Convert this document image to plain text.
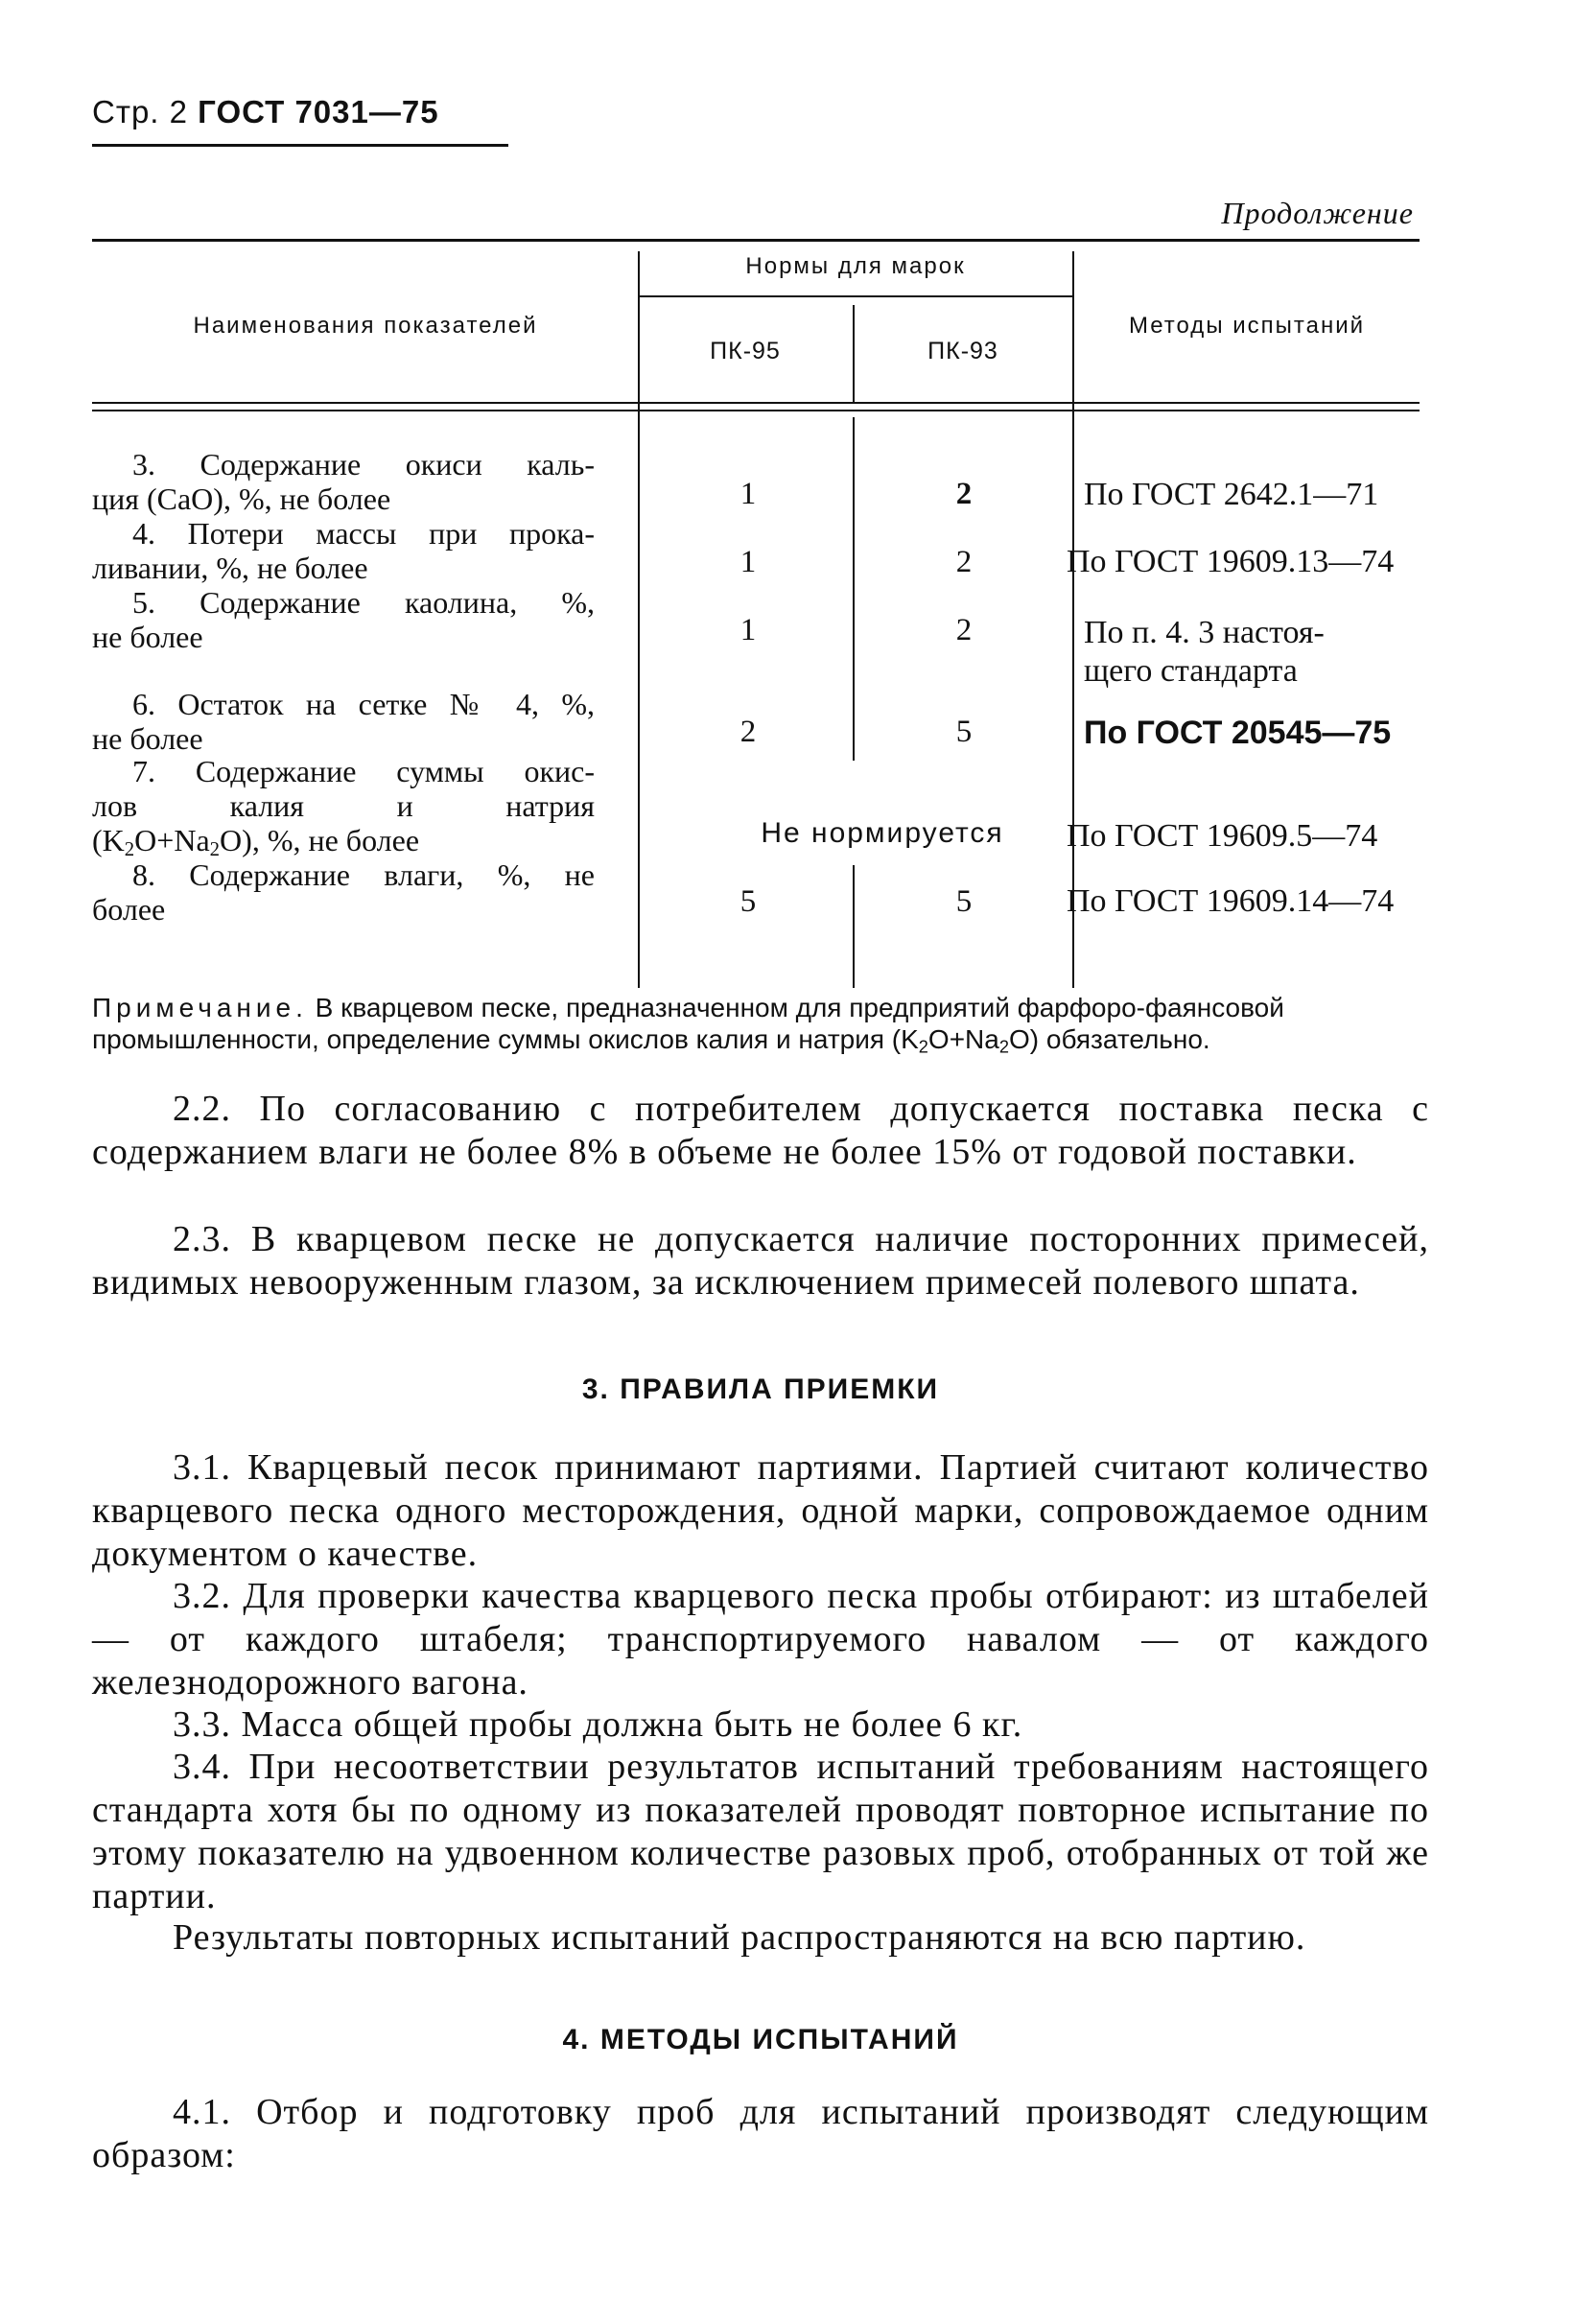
Стр. 2 ГОСТ 7031—75
Продолжение
Наименования показателей
Нормы для марок
ПК-95	ПК-93
Методы испытаний
3. Содержание окиси каль-
ция (CaO), %, не более	1	2	По ГОСТ 2642.1—71
4. Потери массы при прока-
ливании, %, не более	1	2	По ГОСТ 19609.13—74
5. Содержание каолина, %,
не более	1	2	По п. 4. 3 настоя-
щего стандарта
6. Остаток на сетке № 4, %,
не более	2	5	По ГОСТ 20545—75
7. Содержание суммы окис-
лов калия и натрия
$(K_2O+Na_2O)$, %, не более	Не нормируется	По ГОСТ 19609.5—74
8. Содержание влаги, %, не
более	5	5	По ГОСТ 19609.14—74
Примечание. В кварцевом песке, предназначенном для предприятий фарфоро-фаянсовой промышленности, определение суммы окислов калия и натрия $(K_2O+Na_2O)$ обязательно.
2.2. По согласованию с потребителем допускается поставка песка с содержанием влаги не более 8% в объеме не более 15% от годовой поставки.
2.3. В кварцевом песке не допускается наличие посторонних примесей, видимых невооруженным глазом, за исключением примесей полевого шпата.
3. ПРАВИЛА ПРИЕМКИ
3.1. Кварцевый песок принимают партиями. Партией считают количество кварцевого песка одного месторождения, одной марки, сопровождаемое одним документом о качестве.
3.2. Для проверки качества кварцевого песка пробы отбирают: из штабелей — от каждого штабеля; транспортируемого навалом — от каждого железнодорожного вагона.
3.3. Масса общей пробы должна быть не более 6 кг.
3.4. При несоответствии результатов испытаний требованиям настоящего стандарта хотя бы по одному из показателей проводят повторное испытание по этому показателю на удвоенном количестве разовых проб, отобранных от той же партии.
Результаты повторных испытаний распространяются на всю партию.
4. МЕТОДЫ ИСПЫТАНИЙ
4.1. Отбор и подготовку проб для испытаний производят следующим образом:
